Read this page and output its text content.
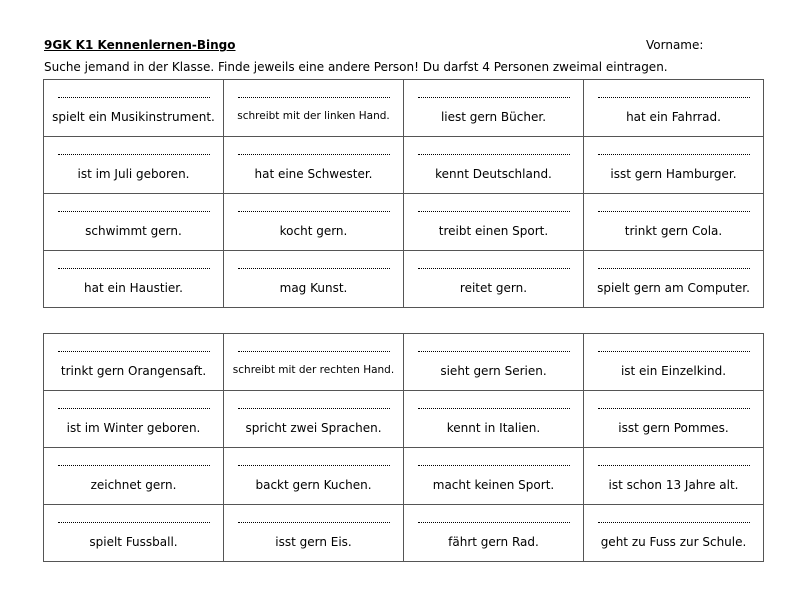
9GK K1 Kennenlernen-Bingo	Vorname:
Suche jemand in der Klasse. Finde jeweils eine andere Person! Du darfst 4 Personen zweimal eintragen.
spielt ein Musikinstrument.	schreibt mit der linken Hand.	liest gern Bücher.	hat ein Fahrrad.

ist im Juli geboren.	hat eine Schwester.	kennt Deutschland.	isst gern Hamburger.

schwimmt gern.	kocht gern.	treibt einen Sport.	trinkt gern Cola.

hat ein Haustier.	mag Kunst.	reitet gern.	spielt gern am Computer.
trinkt gern Orangensaft.	schreibt mit der rechten Hand.	sieht gern Serien.	ist ein Einzelkind.

ist im Winter geboren.	spricht zwei Sprachen.	kennt in Italien.	isst gern Pommes.

zeichnet gern.	backt gern Kuchen.	macht keinen Sport.	ist schon 13 Jahre alt.

spielt Fussball.	isst gern Eis.	fährt gern Rad.	geht zu Fuss zur Schule.
